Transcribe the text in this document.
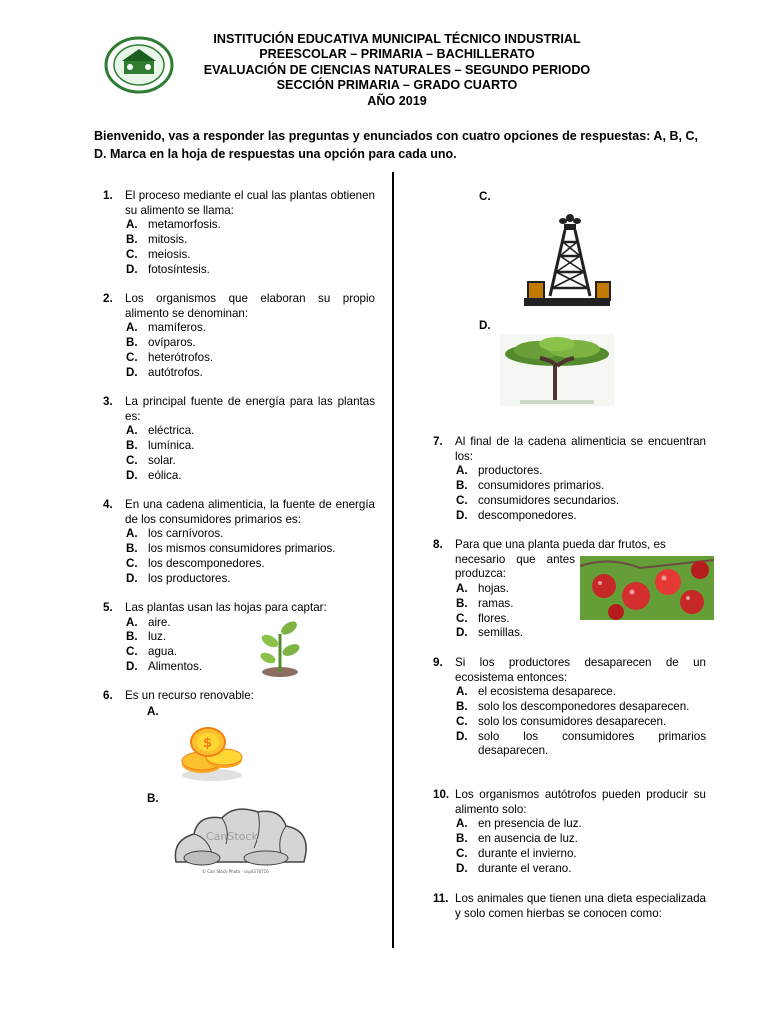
INSTITUCIÓN EDUCATIVA MUNICIPAL TÉCNICO INDUSTRIAL
PREESCOLAR – PRIMARIA – BACHILLERATO
EVALUACIÓN DE CIENCIAS NATURALES – SEGUNDO PERIODO
SECCIÓN PRIMARIA – GRADO CUARTO
AÑO 2019
Bienvenido, vas a responder las preguntas y enunciados con cuatro opciones de respuestas: A, B, C, D. Marca en la hoja de respuestas una opción para cada uno.
1. El proceso mediante el cual las plantas obtienen su alimento se llama:
A. metamorfosis.
B. mitosis.
C. meiosis.
D. fotosíntesis.
2. Los organismos que elaboran su propio alimento se denominan:
A. mamíferos.
B. ovíparos.
C. heterótrofos.
D. autótrofos.
3. La principal fuente de energía para las plantas es:
A. eléctrica.
B. lumínica.
C. solar.
D. eólica.
4. En una cadena alimenticia, la fuente de energía de los consumidores primarios es:
A. los carnívoros.
B. los mismos consumidores primarios.
C. los descomponedores.
D. los productores.
5. Las plantas usan las hojas para captar:
A. aire.
B. luz.
C. agua.
D. Alimentos.
6. Es un recurso renovable:
A.
$
B.
CanStock
© Can Stock Photo - csp4378716
C.
D.
7. Al final de la cadena alimenticia se encuentran los:
A. productores.
B. consumidores primarios.
C. consumidores secundarios.
D. descomponedores.
8. Para que una planta pueda dar frutos, es
necesario que antes produzca:
A. hojas.
B. ramas.
C. flores.
D. semillas.
9. Si los productores desaparecen de un ecosistema entonces:
A. el ecosistema desaparece.
B. solo los descomponedores desaparecen.
C. solo los consumidores desaparecen.
D. solo los consumidores primarios desaparecen.
10. Los organismos autótrofos pueden producir su alimento solo:
A. en presencia de luz.
B. en ausencia de luz.
C. durante el invierno.
D. durante el verano.
11. Los animales que tienen una dieta especializada y solo comen hierbas se conocen como:
